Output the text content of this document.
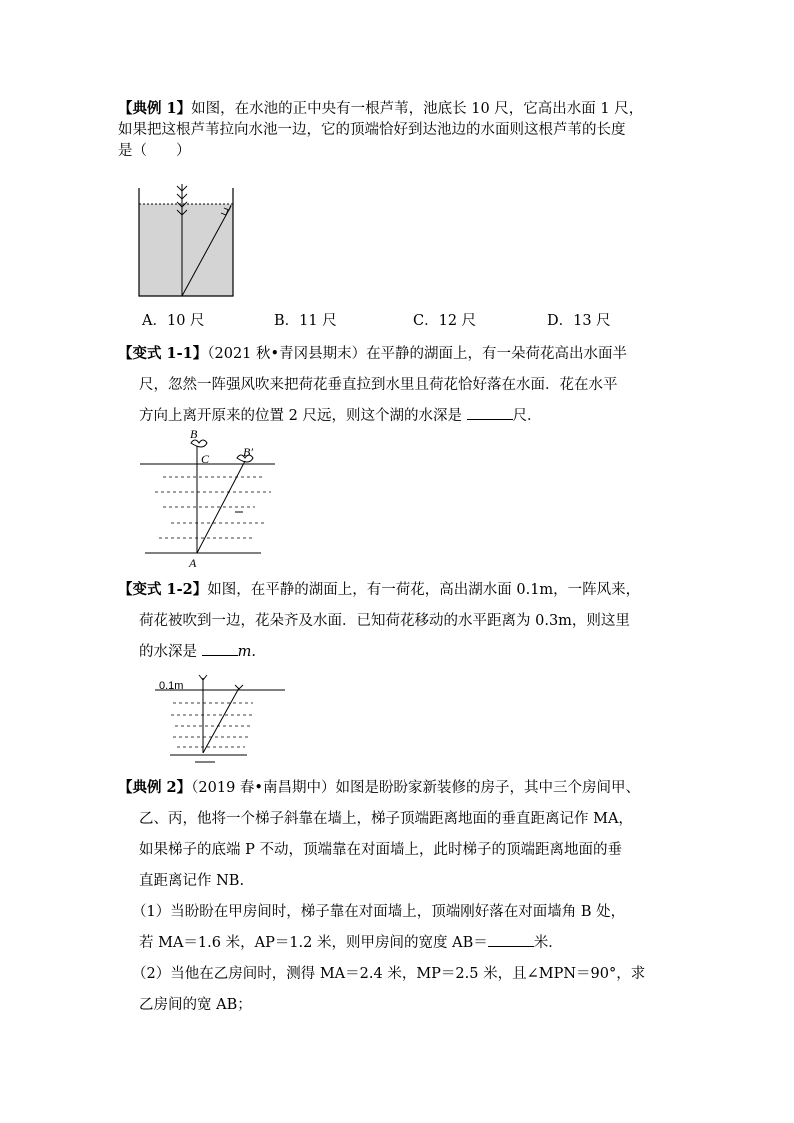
【典例 1】如图，在水池的正中央有一根芦苇，池底长 10 尺，它高出水面 1 尺，
如果把这根芦苇拉向水池一边，它的顶端恰好到达池边的水面则这根芦苇的长度
是（　　）
A．10 尺	B．11 尺	C．12 尺	D．13 尺
【变式 1-1】（2021 秋•青冈县期末）在平静的湖面上，有一朵荷花高出水面半
尺，忽然一阵强风吹来把荷花垂直拉到水里且荷花恰好落在水面．花在水平
方向上离开原来的位置 2 尺远，则这个湖的水深是	尺．
B
B′
C
A
【变式 1-2】如图，在平静的湖面上，有一荷花，高出湖水面 0.1m，一阵风来，
荷花被吹到一边，花朵齐及水面．已知荷花移动的水平距离为 0.3m，则这里
的水深是	m.
0.1m
【典例 2】（2019 春•南昌期中）如图是盼盼家新装修的房子，其中三个房间甲、
乙、丙，他将一个梯子斜靠在墙上，梯子顶端距离地面的垂直距离记作 MA，
如果梯子的底端 P 不动，顶端靠在对面墙上，此时梯子的顶端距离地面的垂
直距离记作 NB.
（1）当盼盼在甲房间时，梯子靠在对面墙上，顶端刚好落在对面墙角 B 处，
若 MA＝1.6 米，AP＝1.2 米，则甲房间的宽度 AB＝	米．
（2）当他在乙房间时，测得 MA＝2.4 米，MP＝2.5 米，且∠MPN＝90°，求
乙房间的宽 AB；
